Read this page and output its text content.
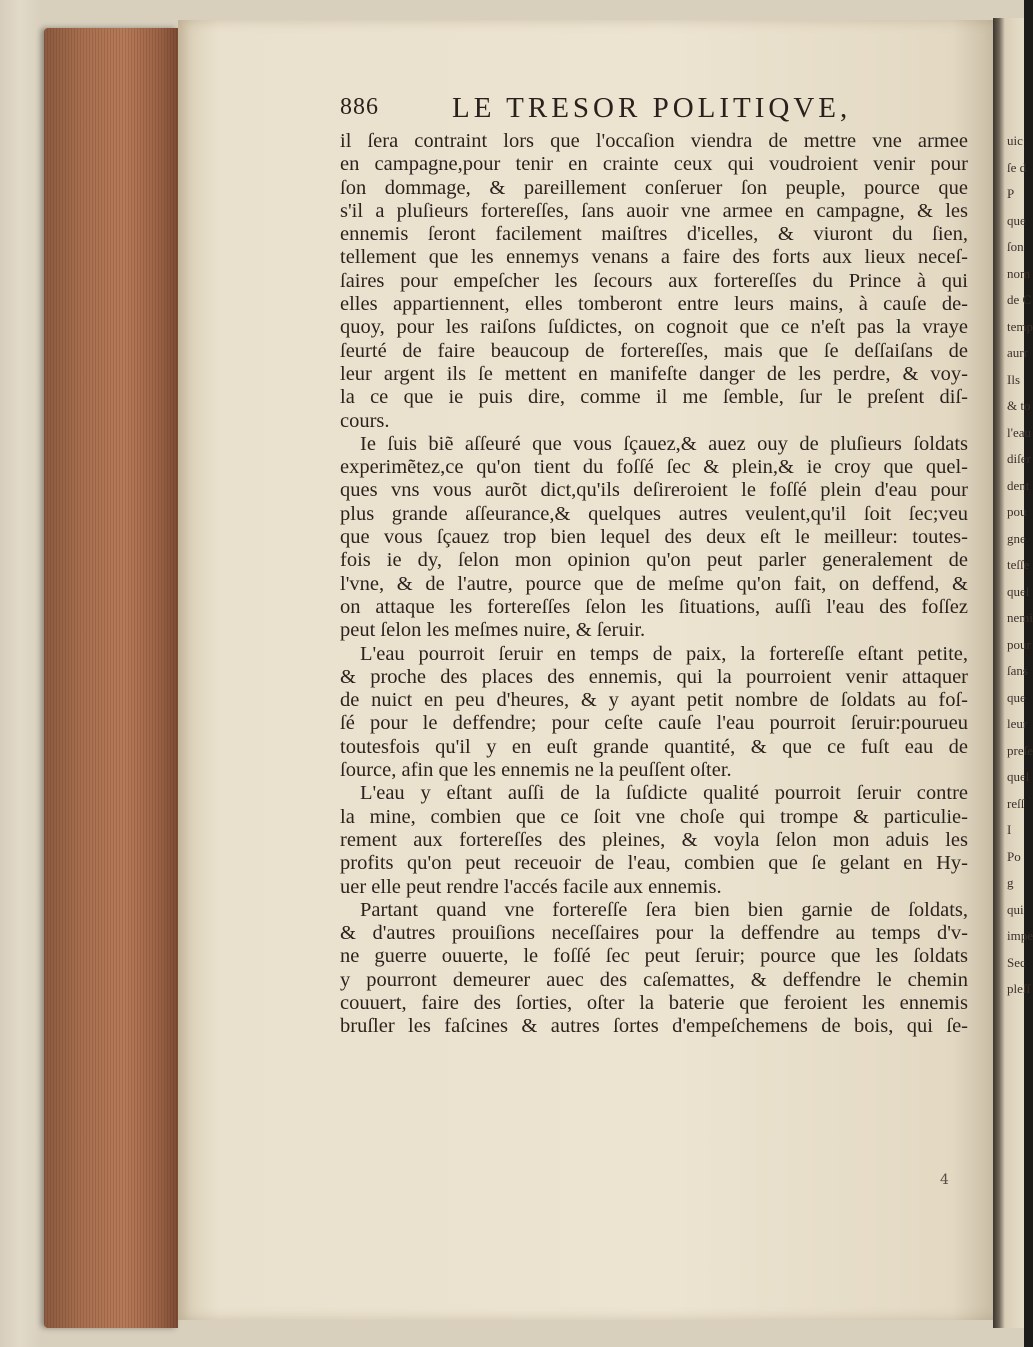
uic
ſe d
P
que
ſon
nom
de C
temp
aurr
Ils
& to
l'eau
diſer
dent
pou
gne
teſſe
quel
nemi
pour
ſans
que
leur
preſe
quel
reſſ
I
Po
g
qui
impe
Sec
pleſſ
886	LE TRESOR POLITIQVE,
il ſera contraint lors que l'occaſion viendra de mettre vne armee
en campagne,pour tenir en crainte ceux qui voudroient venir pour
ſon dommage, & pareillement conſeruer ſon peuple, pource que
s'il a pluſieurs fortereſſes, ſans auoir vne armee en campagne, & les
ennemis ſeront facilement maiſtres d'icelles, & viuront du ſien,
tellement que les ennemys venans a faire des forts aux lieux neceſ-
ſaires pour empeſcher les ſecours aux fortereſſes du Prince à qui
elles appartiennent, elles tomberont entre leurs mains, à cauſe de-
quoy, pour les raiſons ſuſdictes, on cognoit que ce n'eſt pas la vraye
ſeurté de faire beaucoup de fortereſſes, mais que ſe deſſaiſans de
leur argent ils ſe mettent en manifeſte danger de les perdre, & voy-
la ce que ie puis dire, comme il me ſemble, ſur le preſent diſ-
cours.
Ie ſuis biẽ aſſeuré que vous ſçauez,& auez ouy de pluſieurs ſoldats
experimẽtez,ce qu'on tient du foſſé ſec & plein,& ie croy que quel-
ques vns vous aurõt dict,qu'ils deſireroient le foſſé plein d'eau pour
plus grande aſſeurance,& quelques autres veulent,qu'il ſoit ſec;veu
que vous ſçauez trop bien lequel des deux eſt le meilleur: toutes-
fois ie dy, ſelon mon opinion qu'on peut parler generalement de
l'vne, & de l'autre, pource que de meſme qu'on fait, on deffend, &
on attaque les fortereſſes ſelon les ſituations, auſſi l'eau des foſſez
peut ſelon les meſmes nuire, & ſeruir.
L'eau pourroit ſeruir en temps de paix, la fortereſſe eſtant petite,
& proche des places des ennemis, qui la pourroient venir attaquer
de nuict en peu d'heures, & y ayant petit nombre de ſoldats au foſ-
ſé pour le deffendre; pour ceſte cauſe l'eau pourroit ſeruir:pourueu
toutesfois qu'il y en euſt grande quantité, & que ce fuſt eau de
ſource, afin que les ennemis ne la peuſſent oſter.
L'eau y eſtant auſſi de la ſuſdicte qualité pourroit ſeruir contre
la mine, combien que ce ſoit vne choſe qui trompe & particulie-
rement aux fortereſſes des pleines, & voyla ſelon mon aduis les
profits qu'on peut receuoir de l'eau, combien que ſe gelant en Hy-
uer elle peut rendre l'accés facile aux ennemis.
Partant quand vne fortereſſe ſera bien bien garnie de ſoldats,
& d'autres prouiſions neceſſaires pour la deffendre au temps d'v-
ne guerre ouuerte, le foſſé ſec peut ſeruir; pource que les ſoldats
y pourront demeurer auec des caſemattes, & deffendre le chemin
couuert, faire des ſorties, oſter la baterie que feroient les ennemis
bruſler les faſcines & autres ſortes d'empeſchemens de bois, qui ſe-
4
